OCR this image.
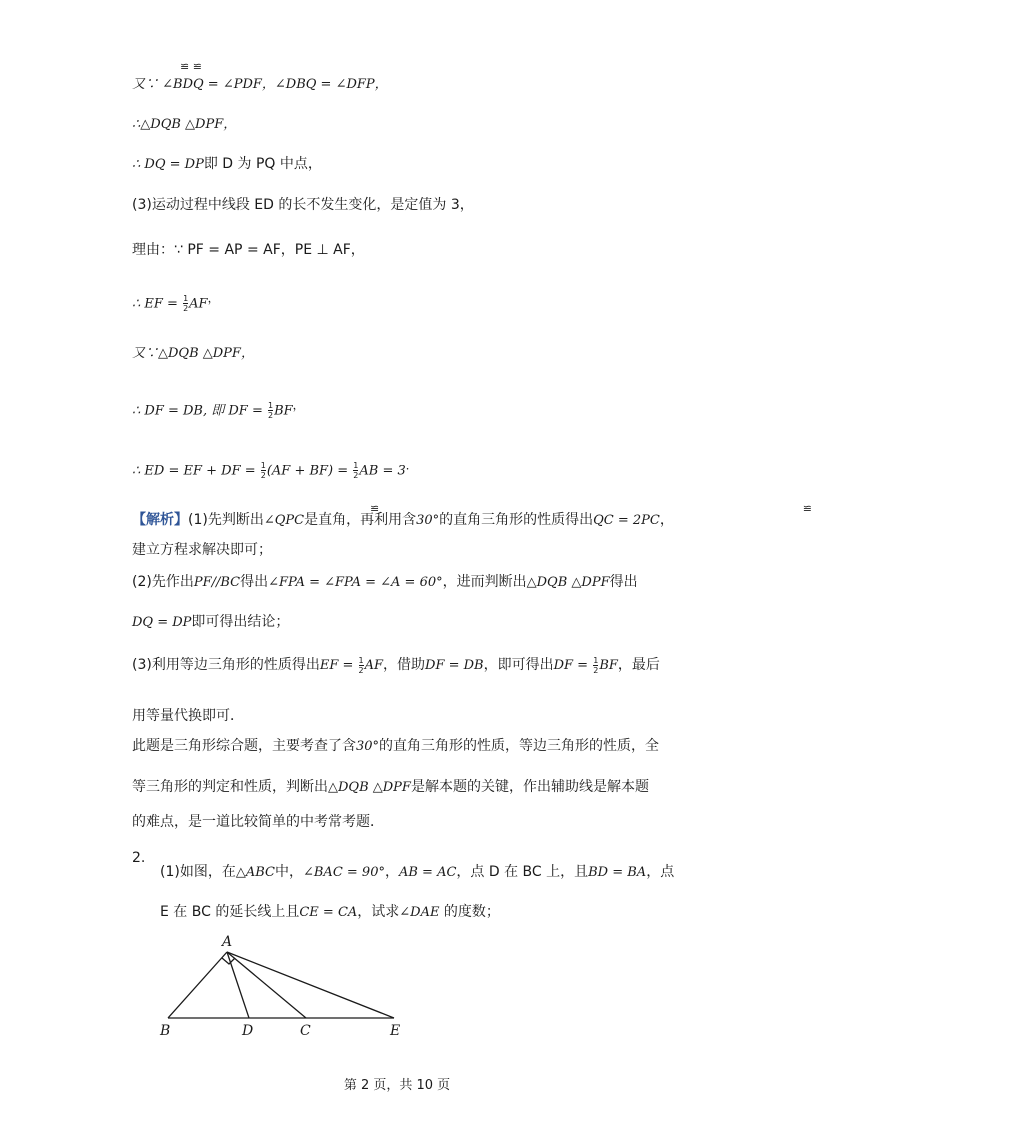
≌ ≌
又∵ ∠BDQ = ∠PDF，∠DBQ = ∠DFP，
∴△DQB △DPF，
∴ DQ = DP即 D 为 PQ 中点，
(3)运动过程中线段 ED 的长不发生变化，是定值为 3，
理由：∵ PF = AP = AF，PE ⊥ AF，
∴ EF = $\frac{1}{2} AF^,$
又∵△DQB △DPF，
∴ DF = DB, 即 DF = $\frac{1}{2} BF^,$
∴ ED = EF + DF = $\frac{1}{2} (AF + BF) = \frac{1}{2}$ AB = 3．
≌ ≌
【解析】(1)先判断出∠QPC是直角，再利用含30°的直角三角形的性质得出QC = 2PC，
建立方程求解决即可；
(2)先作出PF//BC得出∠FPA = ∠FPA = ∠A = 60°，进而判断出△DQB △DPF得出
DQ = DP即可得出结论；
(3)利用等边三角形的性质得出EF = $\frac{1}{2}$ AF，借助DF = DB，即可得出DF = $\frac{1}{2}$ BF，最后
用等量代换即可．
此题是三角形综合题，主要考查了含30°的直角三角形的性质，等边三角形的性质，全
等三角形的判定和性质，判断出△DQB △DPF是解本题的关键，作出辅助线是解本题
的难点，是一道比较简单的中考常考题．
2.
(1)如图，在△ABC中，∠BAC = 90°，AB = AC，点 D 在 BC 上，且BD = BA，点
E 在 BC 的延长线上且CE = CA，试求∠DAE 的度数；
A
B	D	C	E
第 2 页，共 10 页
